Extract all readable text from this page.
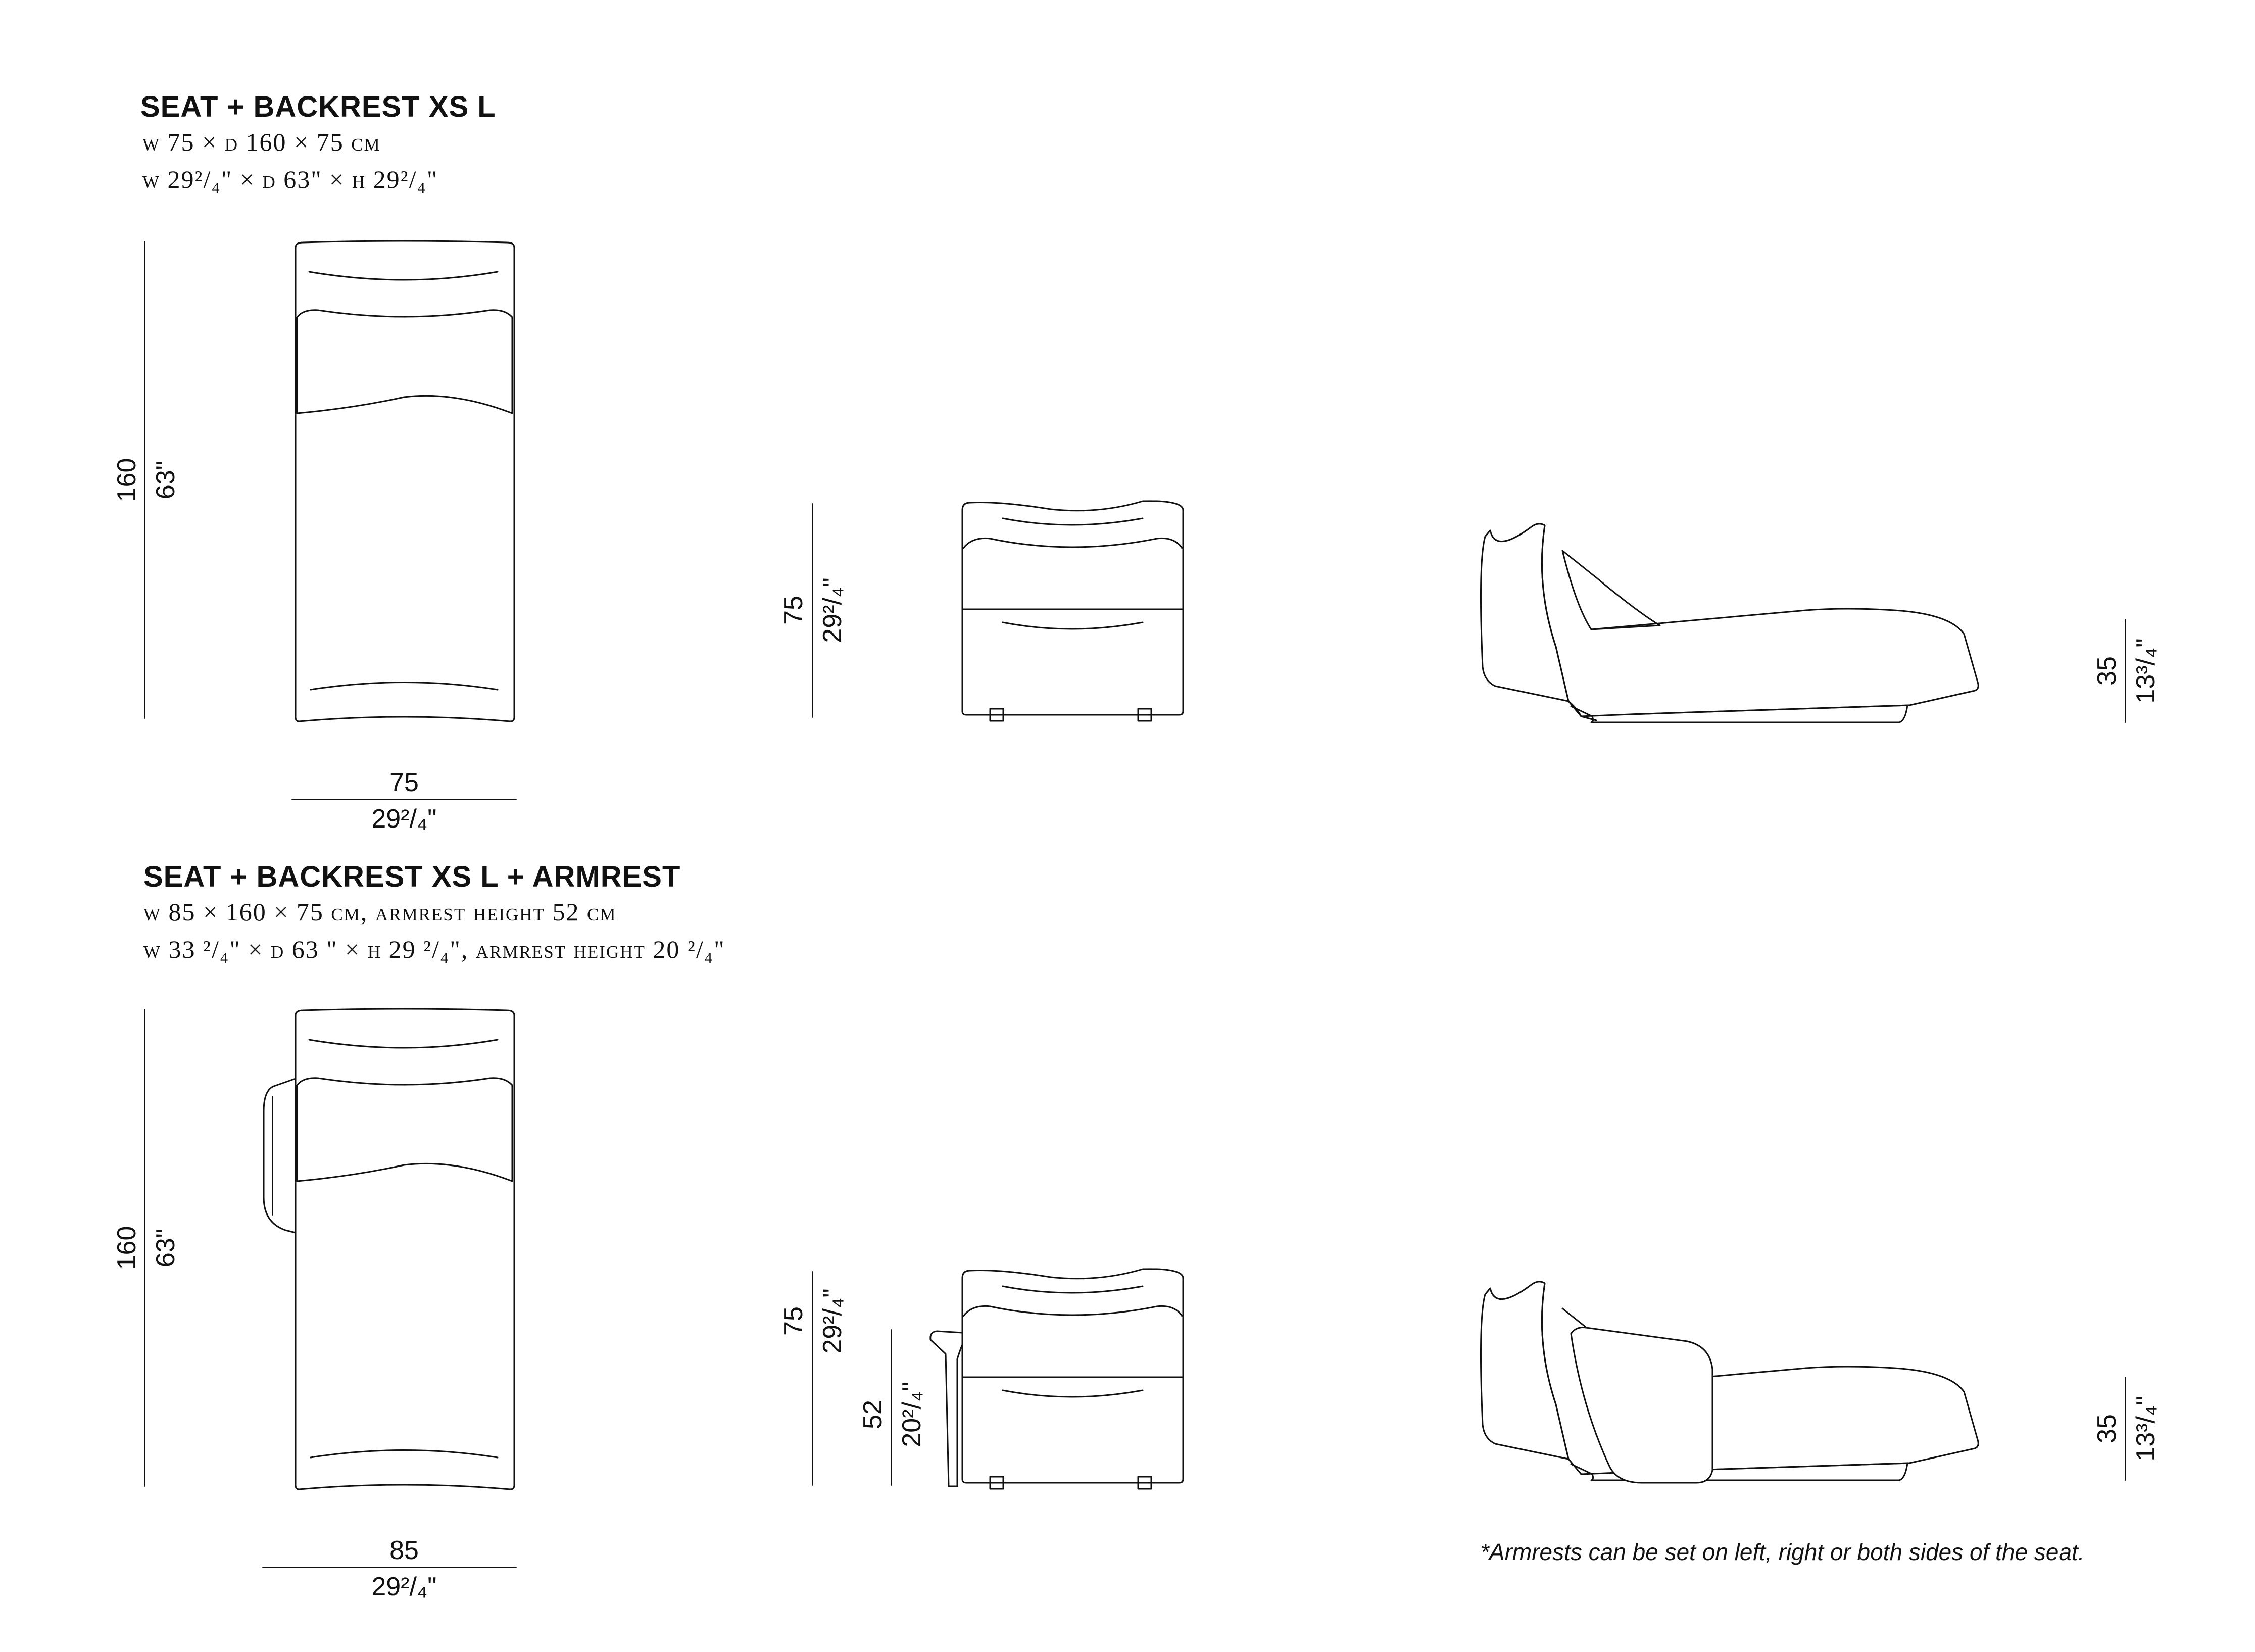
SEAT + BACKREST XS L

w 75 × d 160 × 75 cm

w 29²/₄" × d 63" × h 29²/₄"

SEAT + BACKREST XS L + ARMREST

w 85 × 160 × 75 cm, armrest height 52 cm

w 33 ²/₄" × d 63 " × h 29 ²/₄", armrest height 20 ²/₄"

*Armrests can be set on left, right or both sides of the seat.

160 63"
75
29²/₄"
75 29²/₄"
35 13³/₄"
160 63"
85
29²/₄"
75 29²/₄"
52 20²/₄"	35 13³/₄"
